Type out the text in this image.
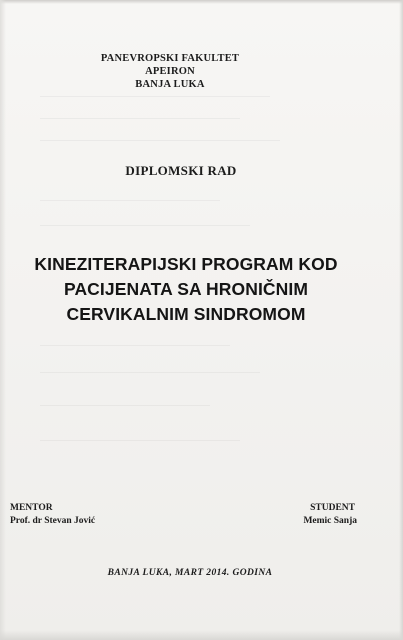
PANEVROPSKI FAKULTET
APEIRON
BANJA LUKA
DIPLOMSKI RAD
KINEZITERAPIJSKI PROGRAM KOD
PACIJENATA SA HRONIČNIM
CERVIKALNIM SINDROMOM
MENTOR
Prof. dr Stevan Jović
STUDENT
Memic Sanja
BANJA LUKA, MART 2014. GODINA
